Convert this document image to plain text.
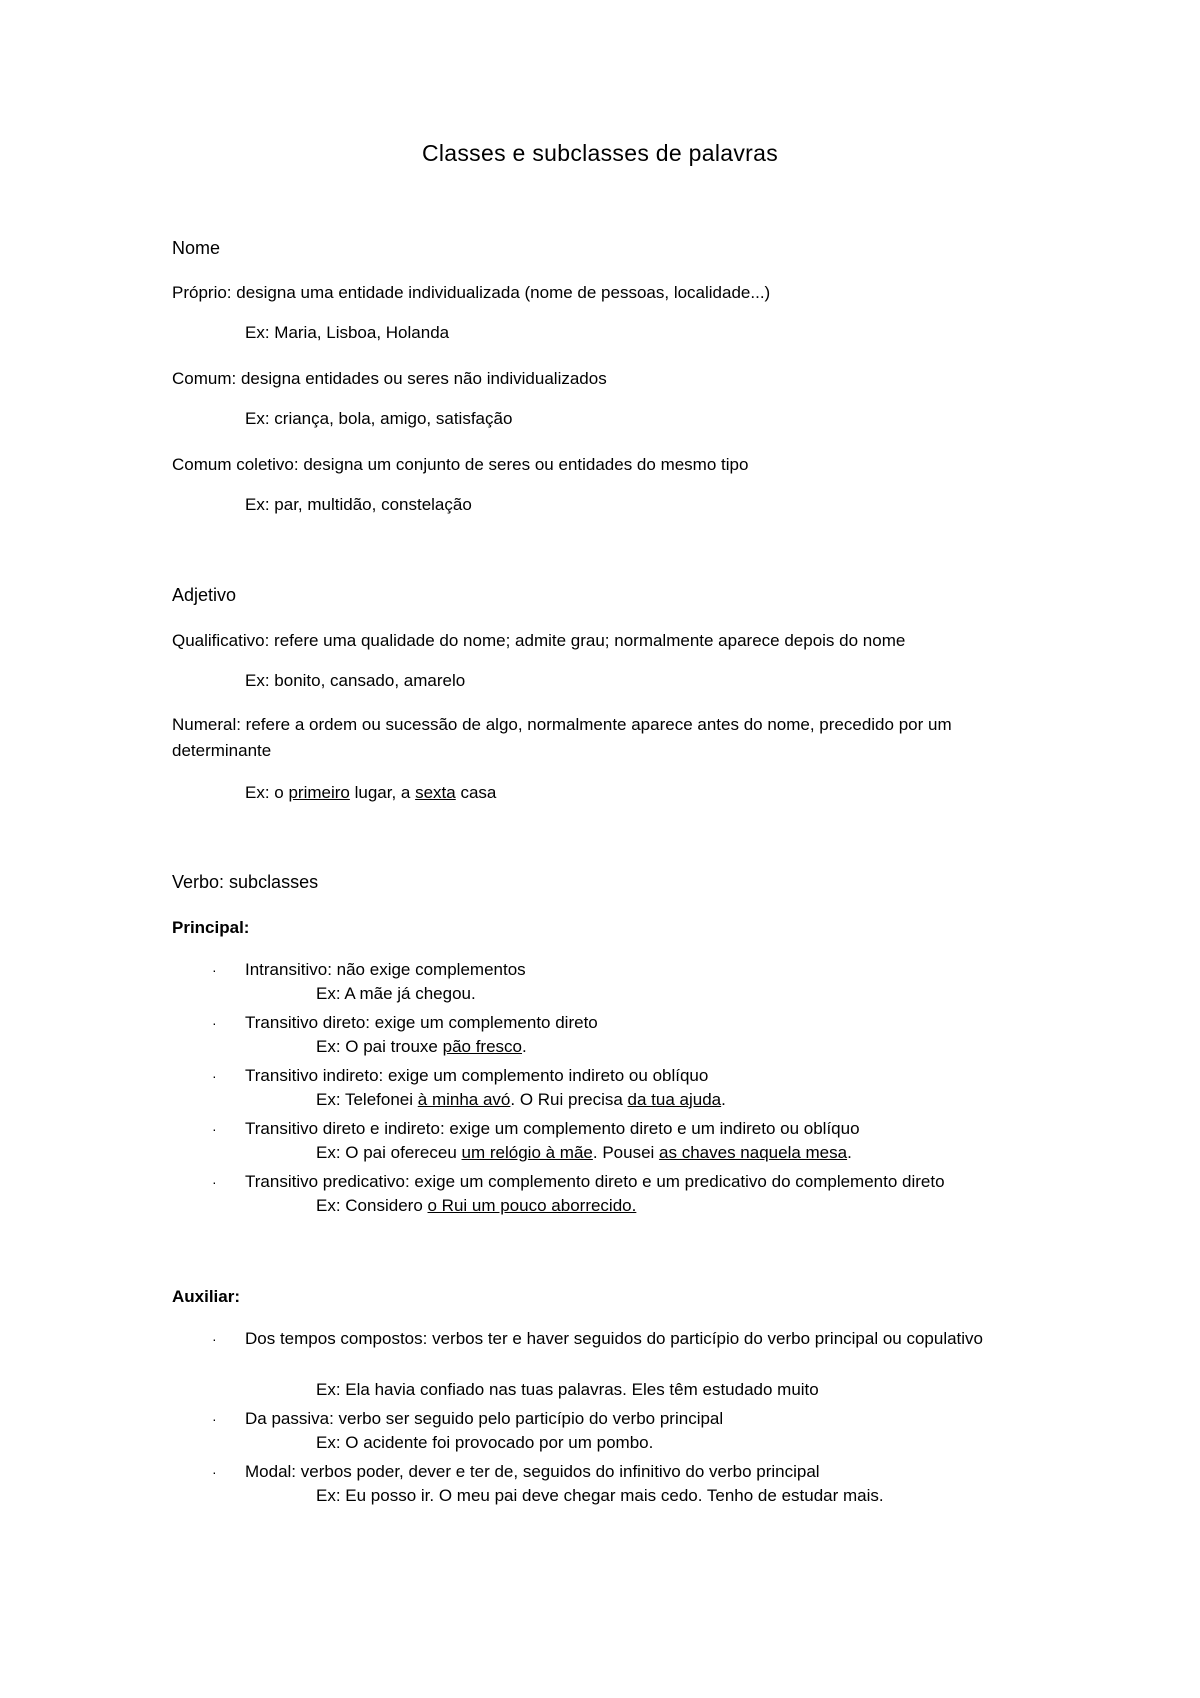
Classes e subclasses de palavras
Nome
Próprio: designa uma entidade individualizada (nome de pessoas, localidade...)
Ex: Maria, Lisboa, Holanda
Comum: designa entidades ou seres não individualizados
Ex: criança, bola, amigo, satisfação
Comum coletivo: designa um conjunto de seres ou entidades do mesmo tipo
Ex: par, multidão, constelação
Adjetivo
Qualificativo: refere uma qualidade do nome; admite grau; normalmente aparece depois do nome
Ex: bonito, cansado, amarelo
Numeral: refere a ordem ou sucessão de algo, normalmente aparece antes do nome, precedido por um determinante
Ex: o primeiro lugar, a sexta casa
Verbo: subclasses
Principal:
·	Intransitivo: não exige complementos
Ex: A mãe já chegou.
·	Transitivo direto: exige um complemento direto
Ex: O pai trouxe pão fresco.
·	Transitivo indireto: exige um complemento indireto ou oblíquo
Ex: Telefonei à minha avó. O Rui precisa da tua ajuda.
·	Transitivo direto e indireto: exige um complemento direto e um indireto ou oblíquo
Ex: O pai ofereceu um relógio à mãe. Pousei as chaves naquela mesa.
·	Transitivo predicativo: exige um complemento direto e um predicativo do complemento direto
Ex: Considero o Rui um pouco aborrecido.
Auxiliar:
·	Dos tempos compostos: verbos ter e haver seguidos do particípio do verbo principal ou copulativo
Ex: Ela havia confiado nas tuas palavras. Eles têm estudado muito
·	Da passiva: verbo ser seguido pelo particípio do verbo principal
Ex: O acidente foi provocado por um pombo.
·	Modal: verbos poder, dever e ter de, seguidos do infinitivo do verbo principal
Ex: Eu posso ir. O meu pai deve chegar mais cedo. Tenho de estudar mais.
